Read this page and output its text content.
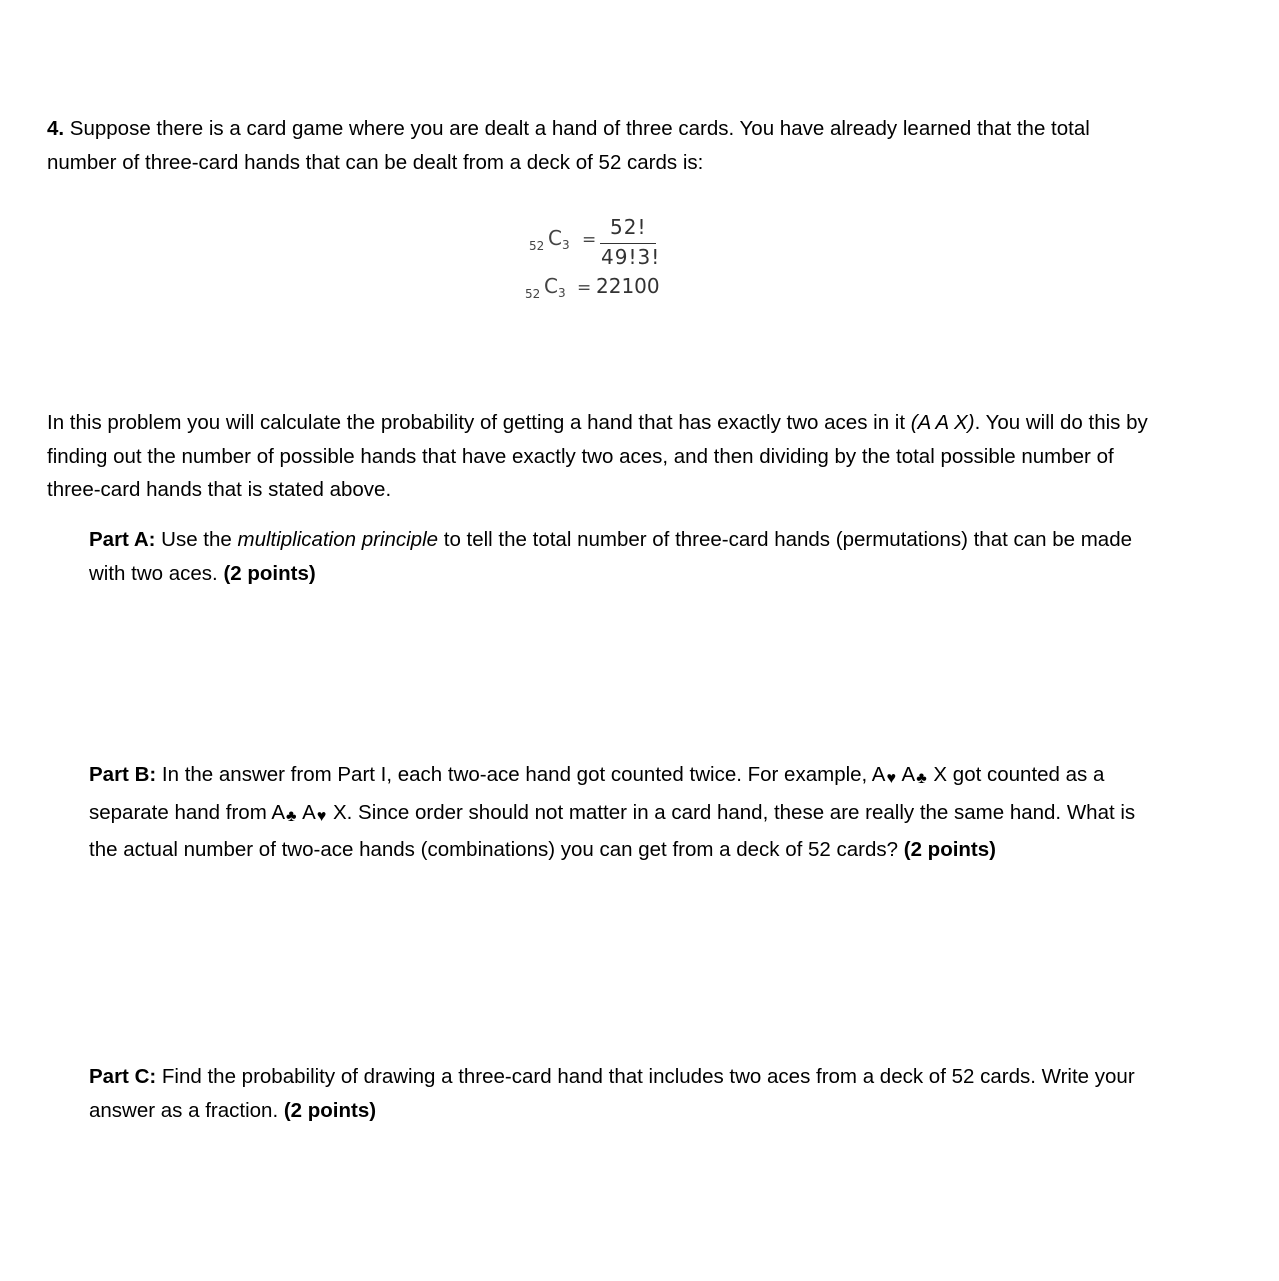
4. Suppose there is a card game where you are dealt a hand of three cards. You have already learned that the total number of three-card hands that can be dealt from a deck of 52 cards is:

52 C 3 =
52!
49!3!
52 C 3 = 22100

In this problem you will calculate the probability of getting a hand that has exactly two aces in it (A A X). You will do this by finding out the number of possible hands that have exactly two aces, and then dividing by the total possible number of three-card hands that is stated above.

Part A: Use the multiplication principle to tell the total number of three-card hands (permutations) that can be made with two aces. (2 points)

Part B: In the answer from Part I, each two-ace hand got counted twice. For example, A♥ A♣ X got counted as a separate hand from A♣ A♥ X. Since order should not matter in a card hand, these are really the same hand. What is the actual number of two-ace hands (combinations) you can get from a deck of 52 cards? (2 points)

Part C: Find the probability of drawing a three-card hand that includes two aces from a deck of 52 cards. Write your answer as a fraction. (2 points)
